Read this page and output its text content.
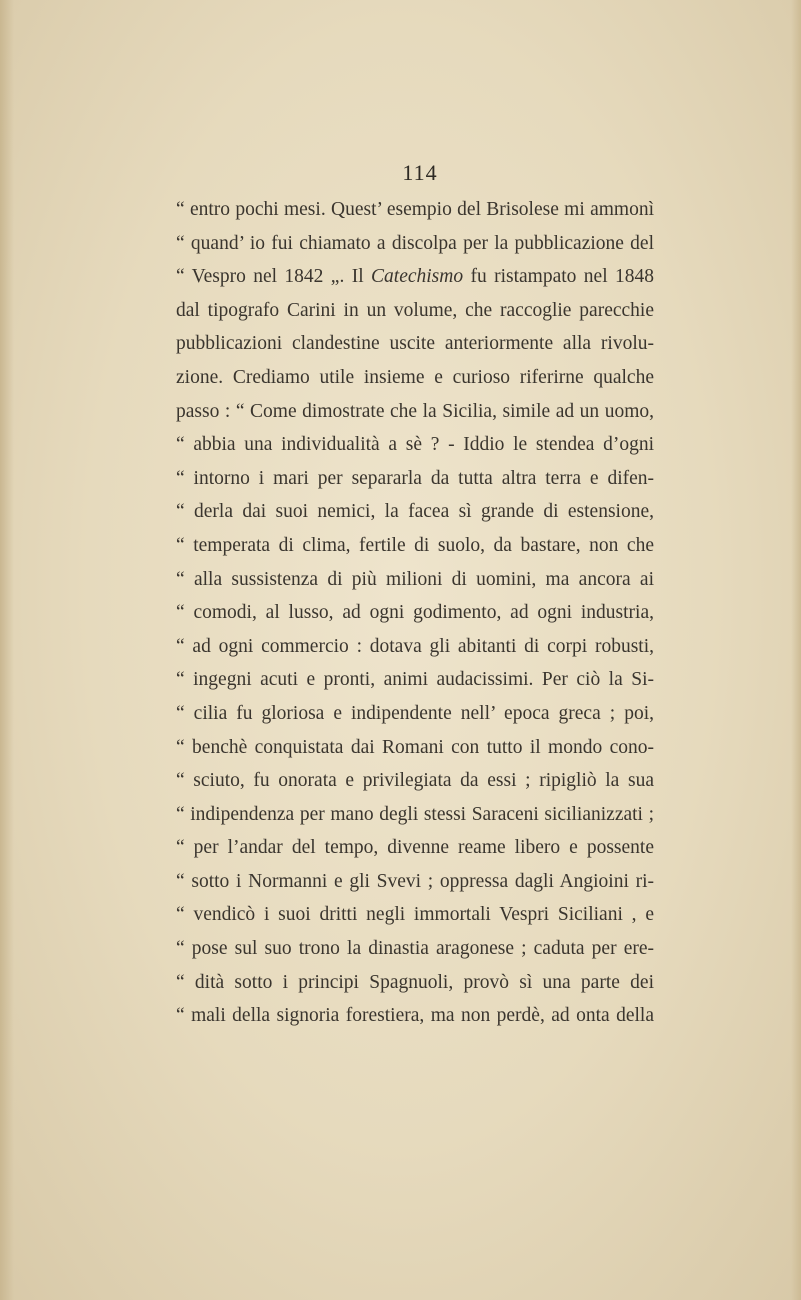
114
“ entro pochi mesi. Quest’ esempio del Brisolese mi ammonì
“ quand’ io fui chiamato a discolpa per la pubblicazione del
“ Vespro nel 1842 „. Il Catechismo fu ristampato nel 1848
dal tipografo Carini in un volume, che raccoglie parecchie
pubblicazioni clandestine uscite anteriormente alla rivolu-
zione. Crediamo utile insieme e curioso riferirne qualche
passo : “ Come dimostrate che la Sicilia, simile ad un uomo,
“ abbia una individualità a sè ? - Iddio le stendea d’ogni
“ intorno i mari per separarla da tutta altra terra e difen-
“ derla dai suoi nemici, la facea sì grande di estensione,
“ temperata di clima, fertile di suolo, da bastare, non che
“ alla sussistenza di più milioni di uomini, ma ancora ai
“ comodi, al lusso, ad ogni godimento, ad ogni industria,
“ ad ogni commercio : dotava gli abitanti di corpi robusti,
“ ingegni acuti e pronti, animi audacissimi. Per ciò la Si-
“ cilia fu gloriosa e indipendente nell’ epoca greca ; poi,
“ benchè conquistata dai Romani con tutto il mondo cono-
“ sciuto, fu onorata e privilegiata da essi ; ripigliò la sua
“ indipendenza per mano degli stessi Saraceni sicilianizzati ;
“ per l’andar del tempo, divenne reame libero e possente
“ sotto i Normanni e gli Svevi ; oppressa dagli Angioini ri-
“ vendicò i suoi dritti negli immortali Vespri Siciliani , e
“ pose sul suo trono la dinastia aragonese ; caduta per ere-
“ dità sotto i principi Spagnuoli, provò sì una parte dei
“ mali della signoria forestiera, ma non perdè, ad onta della
